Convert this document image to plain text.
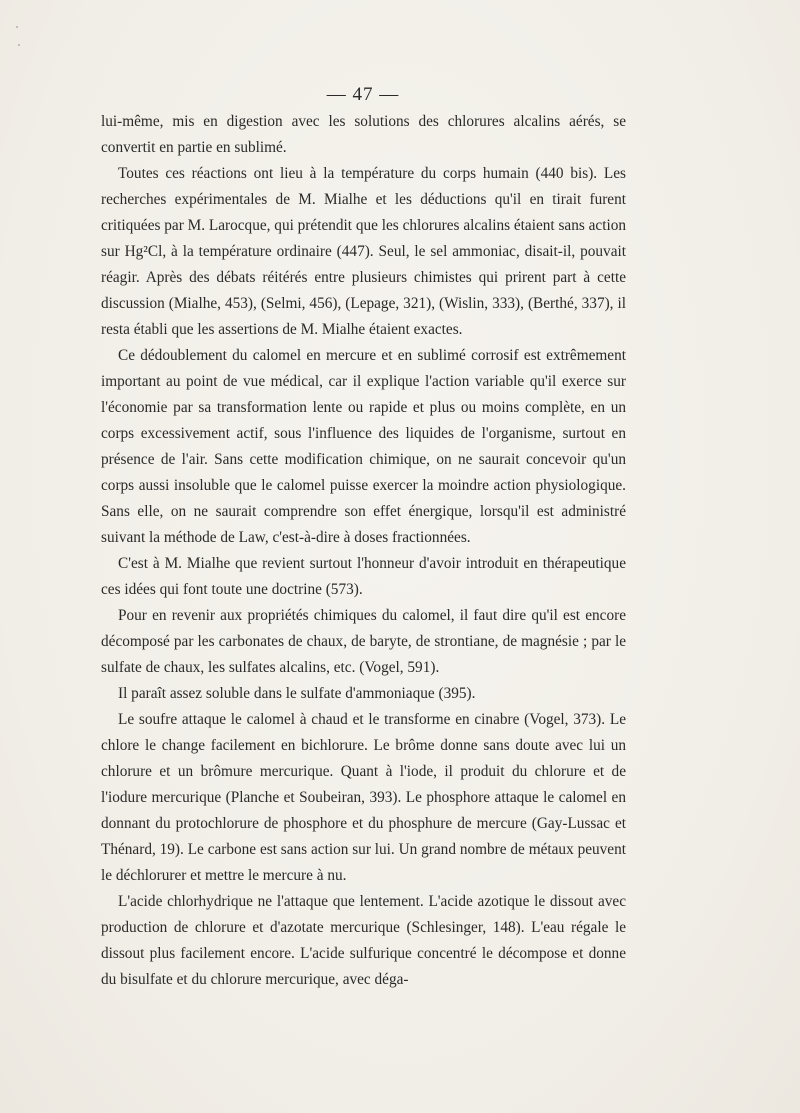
— 47 —

lui-même, mis en digestion avec les solutions des chlorures alcalins aérés, se convertit en partie en sublimé.

Toutes ces réactions ont lieu à la température du corps humain (440 bis). Les recherches expérimentales de M. Mialhe et les déductions qu'il en tirait furent critiquées par M. Larocque, qui prétendit que les chlorures alcalins étaient sans action sur Hg²Cl, à la température ordinaire (447). Seul, le sel ammoniac, disait-il, pouvait réagir. Après des débats réitérés entre plusieurs chimistes qui prirent part à cette discussion (Mialhe, 453), (Selmi, 456), (Lepage, 321), (Wislin, 333), (Berthé, 337), il resta établi que les assertions de M. Mialhe étaient exactes.

Ce dédoublement du calomel en mercure et en sublimé corrosif est extrêmement important au point de vue médical, car il explique l'action variable qu'il exerce sur l'économie par sa transformation lente ou rapide et plus ou moins complète, en un corps excessivement actif, sous l'influence des liquides de l'organisme, surtout en présence de l'air. Sans cette modification chimique, on ne saurait concevoir qu'un corps aussi insoluble que le calomel puisse exercer la moindre action physiologique. Sans elle, on ne saurait comprendre son effet énergique, lorsqu'il est administré suivant la méthode de Law, c'est-à-dire à doses fractionnées.

C'est à M. Mialhe que revient surtout l'honneur d'avoir introduit en thérapeutique ces idées qui font toute une doctrine (573).

Pour en revenir aux propriétés chimiques du calomel, il faut dire qu'il est encore décomposé par les carbonates de chaux, de baryte, de strontiane, de magnésie ; par le sulfate de chaux, les sulfates alcalins, etc. (Vogel, 591).

Il paraît assez soluble dans le sulfate d'ammoniaque (395).

Le soufre attaque le calomel à chaud et le transforme en cinabre (Vogel, 373). Le chlore le change facilement en bichlorure. Le brôme donne sans doute avec lui un chlorure et un brômure mercurique. Quant à l'iode, il produit du chlorure et de l'iodure mercurique (Planche et Soubeiran, 393). Le phosphore attaque le calomel en donnant du protochlorure de phosphore et du phosphure de mercure (Gay-Lussac et Thénard, 19). Le carbone est sans action sur lui. Un grand nombre de métaux peuvent le déchlorurer et mettre le mercure à nu.

L'acide chlorhydrique ne l'attaque que lentement. L'acide azotique le dissout avec production de chlorure et d'azotate mercurique (Schlesinger, 148). L'eau régale le dissout plus facilement encore. L'acide sulfurique concentré le décompose et donne du bisulfate et du chlorure mercurique, avec déga-
